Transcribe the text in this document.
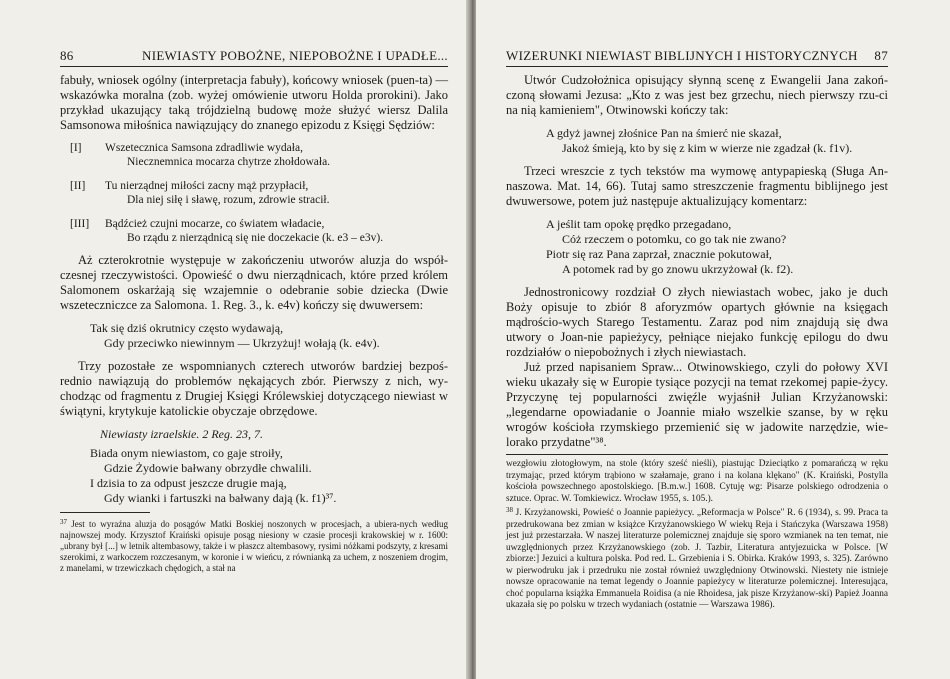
86	NIEWIASTY POBOŻNE, NIEPOBOŻNE I UPADŁE...

fabuły, wniosek ogólny (interpretacja fabuły), końcowy wniosek (puen-ta) — wskazówka moralna (zob. wyżej omówienie utworu Holda prorokini). Jako przykład ukazujący taką trójdzielną budowę może służyć wiersz Dalila Samsonowa miłośnica nawiązujący do znanego epizodu z Księgi Sędziów:

[I]	Wszetecznica Samsona zdradliwie wydała,
Niecznemnica mocarza chytrze zhołdowała.
[II]	Tu nierządnej miłości zacny mąż przypłacił,
Dla niej siłę i sławę, rozum, zdrowie stracił.
[III]	Bądźcież czujni mocarze, co światem władacie,
Bo rządu z nierządnicą się nie doczekacie (k. e3 – e3v).

Aż czterokrotnie występuje w zakończeniu utworów aluzja do współ-czesnej rzeczywistości. Opowieść o dwu nierządnicach, które przed królem Salomonem oskarżają się wzajemnie o odebranie sobie dziecka (Dwie wszeteczniczce za Salomona. 1. Reg. 3., k. e4v) kończy się dwuwersem:

Tak się dziś okrutnicy często wydawają,
Gdy przeciwko niewinnym — Ukrzyżuj! wołają (k. e4v).

Trzy pozostałe ze wspomnianych czterech utworów bardziej bezpoś-rednio nawiązują do problemów nękających zbór. Pierwszy z nich, wy-chodząc od fragmentu z Drugiej Księgi Królewskiej dotyczącego niewiast w świątyni, krytykuje katolickie obyczaje obrzędowe.

Niewiasty izraelskie. 2 Reg. 23, 7.
Biada onym niewiastom, co gaje stroiły,
Gdzie Żydowie bałwany obrzydłe chwalili.
I dzisia to za odpust jeszcze drugie mają,
Gdy wianki i fartuszki na bałwany dają (k. f1)³⁷.
$^{37}$ Jest to wyraźna aluzja do posągów Matki Boskiej noszonych w procesjach, a ubiera-nych według najnowszej mody. Krzysztof Kraiński opisuje posąg niesiony w czasie procesji krakowskiej w r. 1600: „ubrany był [...] w letnik altembasowy, także i w płaszcz altembasowy, rysimi nóżkami podszyty, z kresami szerokimi, z warkoczem rozczesanym, w koronie i w wieńcu, z równianką za uchem, z noszeniem drogim, z manelami, w trzewiczkach chędogich, a stał na
WIZERUNKI NIEWIAST BIBLIJNYCH I HISTORYCZNYCH 87

Utwór Cudzołożnica opisujący słynną scenę z Ewangelii Jana zakoń-czoną słowami Jezusa: „Kto z was jest bez grzechu, niech pierwszy rzu-ci na nią kamieniem", Otwinowski kończy tak:

A gdyż jawnej złośnice Pan na śmierć nie skazał,
Jakoż śmieją, kto by się z kim w wierze nie zgadzał (k. f1v).

Trzeci wreszcie z tych tekstów ma wymowę antypapieską (Sługa An-naszowa. Mat. 14, 66). Tutaj samo streszczenie fragmentu biblijnego jest dwuwersowe, potem już następuje aktualizujący komentarz:

A jeślit tam opokę prędko przegadano,
Cóż rzeczem o potomku, co go tak nie zwano?
Piotr się raz Pana zaprzał, znacznie pokutował,
A potomek rad by go znowu ukrzyżował (k. f2).

Jednostronicowy rozdział O złych niewiastach wobec, jako je duch Boży opisuje to zbiór 8 aforyzmów opartych głównie na księgach mądrościo-wych Starego Testamentu. Zaraz pod nim znajdują się dwa utwory o Joan-nie papieżycy, pełniące niejako funkcję epilogu do dwu rozdziałów o niepobożnych i złych niewiastach.

Już przed napisaniem Spraw... Otwinowskiego, czyli do połowy XVI wieku ukazały się w Europie tysiące pozycji na temat rzekomej papie-życy. Przyczynę tej popularności zwięźle wyjaśnił Julian Krzyżanowski: „legendarne opowiadanie o Joannie miało wszelkie szanse, by w ręku wrogów kościoła rzymskiego przemienić się w jadowite narzędzie, wie-lorako przydatne"³⁸.

wezgłowiu złotogłowym, na stole (który sześć nieśli), piastując Dzieciątko z pomarańczą w ręku trzymając, przed którym trąbiono w szałamaje, grano i na kolana klękano" (K. Kraiński, Postylla kościoła powszechnego apostolskiego. [B.m.w.] 1608. Cytuję wg: Pisarze polskiego odrodzenia o sztuce. Oprac. W. Tomkiewicz. Wrocław 1955, s. 105.).
$^{38}$ J. Krzyżanowski, Powieść o Joannie papieżycy. „Reformacja w Polsce" R. 6 (1934), s. 99. Praca ta przedrukowana bez zmian w książce Krzyżanowskiego W wiekų Reja i Stańczyka (Warszawa 1958) jest już przestarzała. W naszej literaturze polemicznej znajduje się sporo wzmianek na ten temat, nie uwzględnionych przez Krzyżanowskiego (zob. J. Tazbir, Literatura antyjezuicka w Polsce. [W zbiorze:] Jezuici a kultura polska. Pod red. L. Grzebienia i S. Obirka. Kraków 1993, s. 325). Zarówno w pierwodruku jak i przedruku nie został również uwzględniony Otwinowski. Niestety nie istnieje nowsze opracowanie na temat legendy o Joannie papieżycy w literaturze polemicznej. Interesująca, choć popularna książka Emmanuela Roidisa (a nie Rhoidesa, jak pisze Krzyżanow-ski) Papież Joanna ukazała się po polsku w trzech wydaniach (ostatnie — Warszawa 1986).
